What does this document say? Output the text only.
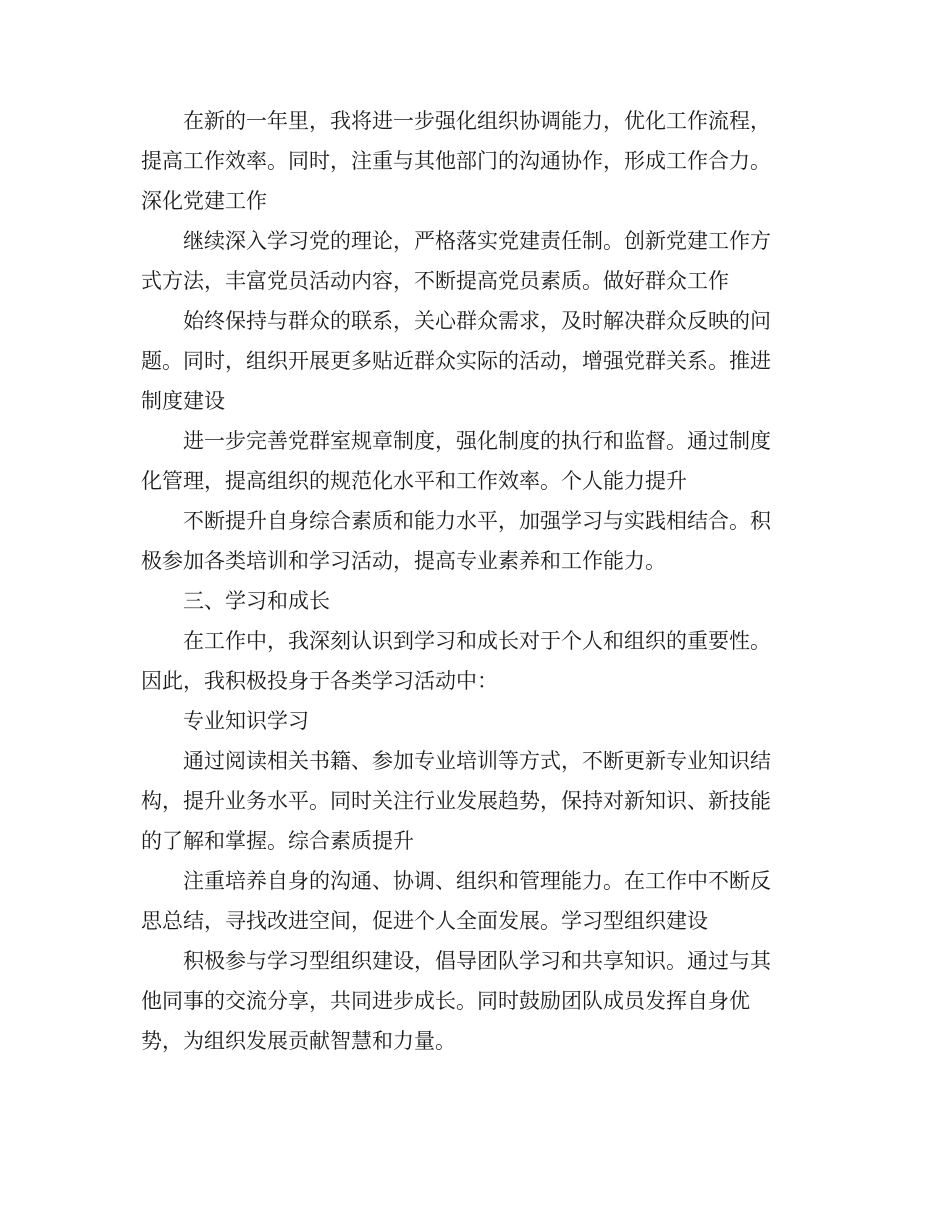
在新的一年里，我将进一步强化组织协调能力，优化工作流程，
提高工作效率。同时，注重与其他部门的沟通协作，形成工作合力。
深化党建工作
继续深入学习党的理论，严格落实党建责任制。创新党建工作方
式方法，丰富党员活动内容，不断提高党员素质。做好群众工作
始终保持与群众的联系，关心群众需求，及时解决群众反映的问
题。同时，组织开展更多贴近群众实际的活动，增强党群关系。推进
制度建设
进一步完善党群室规章制度，强化制度的执行和监督。通过制度
化管理，提高组织的规范化水平和工作效率。个人能力提升
不断提升自身综合素质和能力水平，加强学习与实践相结合。积
极参加各类培训和学习活动，提高专业素养和工作能力。
三、学习和成长
在工作中，我深刻认识到学习和成长对于个人和组织的重要性。
因此，我积极投身于各类学习活动中：
专业知识学习
通过阅读相关书籍、参加专业培训等方式，不断更新专业知识结
构，提升业务水平。同时关注行业发展趋势，保持对新知识、新技能
的了解和掌握。综合素质提升
注重培养自身的沟通、协调、组织和管理能力。在工作中不断反
思总结，寻找改进空间，促进个人全面发展。学习型组织建设
积极参与学习型组织建设，倡导团队学习和共享知识。通过与其
他同事的交流分享，共同进步成长。同时鼓励团队成员发挥自身优
势，为组织发展贡献智慧和力量。
